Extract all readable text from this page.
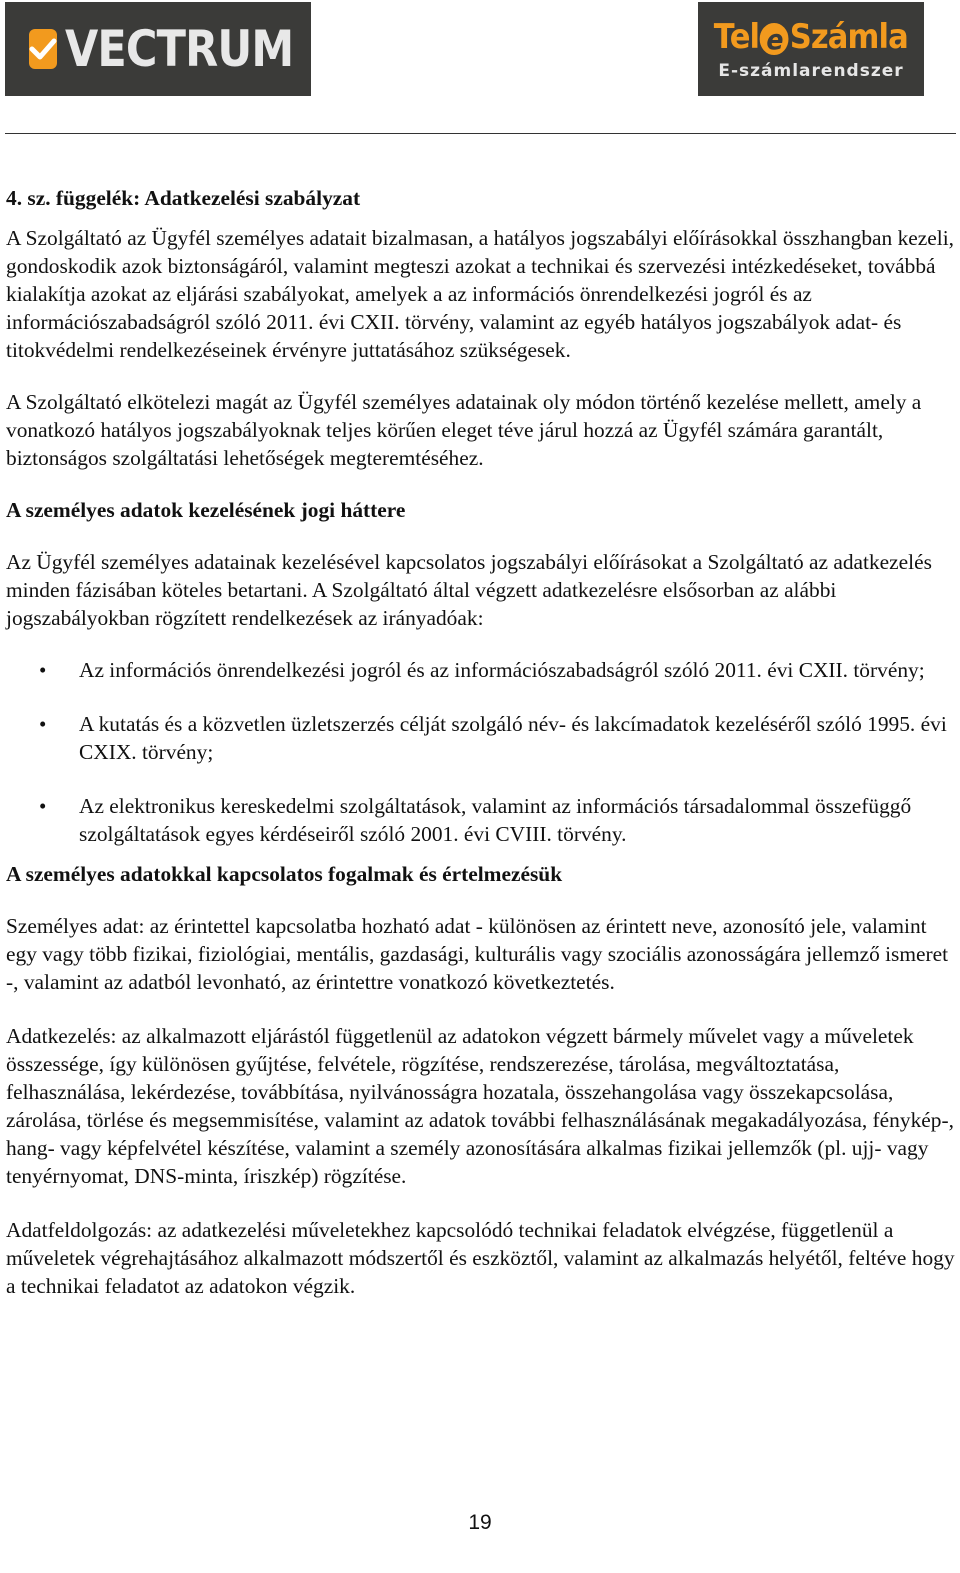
VECTRUM	Tel e Számla
E-számlarendszer
4. sz. függelék: Adatkezelési szabályzat

A Szolgáltató az Ügyfél személyes adatait bizalmasan, a hatályos jogszabályi előírásokkal összhangban kezeli, gondoskodik azok biztonságáról, valamint megteszi azokat a technikai és szervezési intézkedéseket, továbbá kialakítja azokat az eljárási szabályokat, amelyek a az információs önrendelkezési jogról és az információszabadságról szóló 2011. évi CXII. törvény, valamint az egyéb hatályos jogszabályok adat- és titokvédelmi rendelkezéseinek érvényre juttatásához szükségesek.

A Szolgáltató elkötelezi magát az Ügyfél személyes adatainak oly módon történő kezelése mellett, amely a vonatkozó hatályos jogszabályoknak teljes körűen eleget téve járul hozzá az Ügyfél számára garantált, biztonságos szolgáltatási lehetőségek megteremtéséhez.

A személyes adatok kezelésének jogi háttere

Az Ügyfél személyes adatainak kezelésével kapcsolatos jogszabályi előírásokat a Szolgáltató az adatkezelés minden fázisában köteles betartani. A Szolgáltató által végzett adatkezelésre elsősorban az alábbi jogszabályokban rögzített rendelkezések az irányadóak:

• Az információs önrendelkezési jogról és az információszabadságról szóló 2011. évi CXII. törvény;
• A kutatás és a közvetlen üzletszerzés célját szolgáló név- és lakcímadatok kezeléséről szóló 1995. évi CXIX. törvény;
• Az elektronikus kereskedelmi szolgáltatások, valamint az információs társadalommal összefüggő szolgáltatások egyes kérdéseiről szóló 2001. évi CVIII. törvény.
A személyes adatokkal kapcsolatos fogalmak és értelmezésük

Személyes adat: az érintettel kapcsolatba hozható adat - különösen az érintett neve, azonosító jele, valamint egy vagy több fizikai, fiziológiai, mentális, gazdasági, kulturális vagy szociális azonosságára jellemző ismeret -, valamint az adatból levonható, az érintettre vonatkozó következtetés.

Adatkezelés: az alkalmazott eljárástól függetlenül az adatokon végzett bármely művelet vagy a műveletek összessége, így különösen gyűjtése, felvétele, rögzítése, rendszerezése, tárolása, megváltoztatása, felhasználása, lekérdezése, továbbítása, nyilvánosságra hozatala, összehangolása vagy összekapcsolása, zárolása, törlése és megsemmisítése, valamint az adatok további felhasználásának megakadályozása, fénykép-, hang- vagy képfelvétel készítése, valamint a személy azonosítására alkalmas fizikai jellemzők (pl. ujj- vagy tenyérnyomat, DNS-minta, íriszkép) rögzítése.

Adatfeldolgozás: az adatkezelési műveletekhez kapcsolódó technikai feladatok elvégzése, függetlenül a műveletek végrehajtásához alkalmazott módszertől és eszköztől, valamint az alkalmazás helyétől, feltéve hogy a technikai feladatot az adatokon végzik.

19
